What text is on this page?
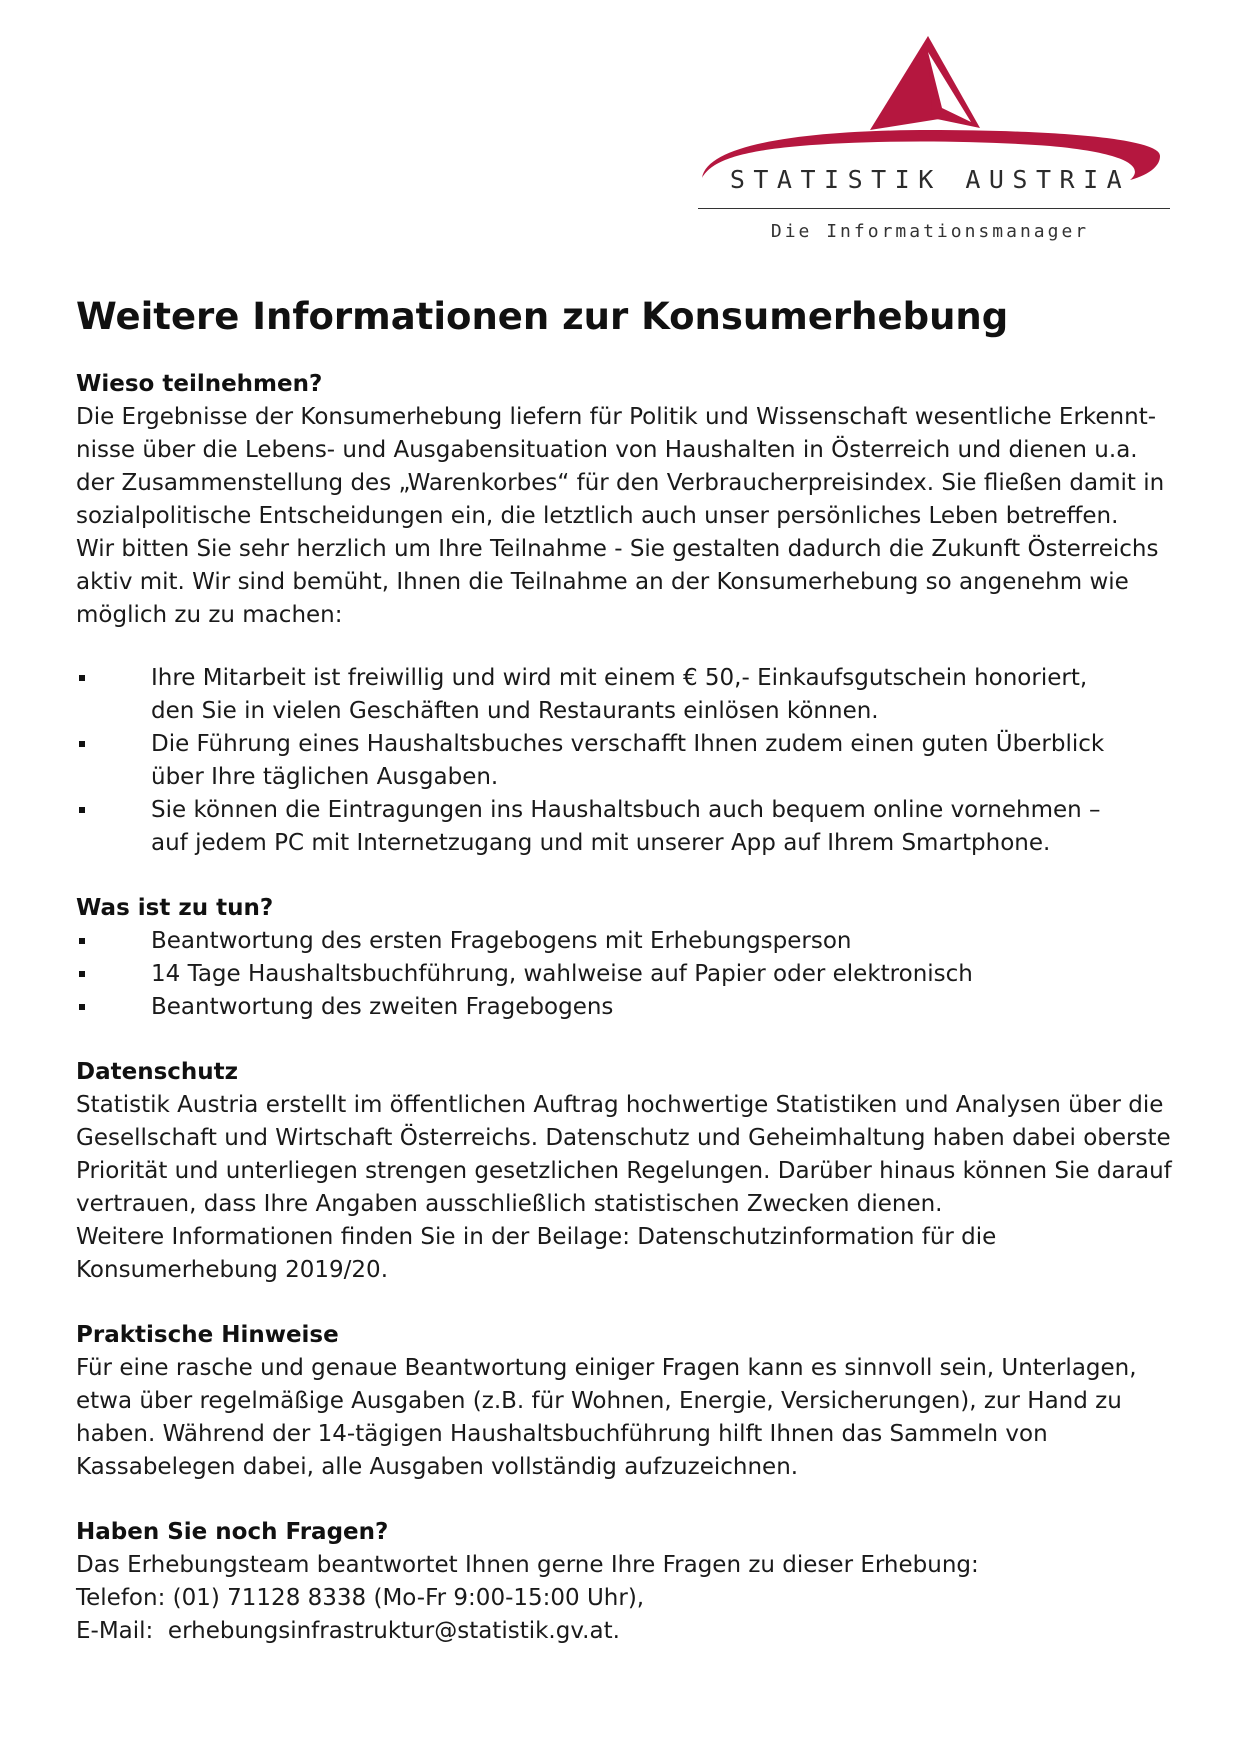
STATISTIK AUSTRIA
Die Informationsmanager
Weitere Informationen zur Konsumerhebung
Wieso teilnehmen?

Die Ergebnisse der Konsumerhebung liefern für Politik und Wissenschaft wesentliche Erkennt-
nisse über die Lebens- und Ausgabensituation von Haushalten in Österreich und dienen u.a.
der Zusammenstellung des „Warenkorbes“ für den Verbraucherpreisindex. Sie fließen damit in
sozialpolitische Entscheidungen ein, die letztlich auch unser persönliches Leben betreffen.
Wir bitten Sie sehr herzlich um Ihre Teilnahme - Sie gestalten dadurch die Zukunft Österreichs
aktiv mit. Wir sind bemüht, Ihnen die Teilnahme an der Konsumerhebung so angenehm wie
möglich zu zu machen:

Ihre Mitarbeit ist freiwillig und wird mit einem € 50,- Einkaufsgutschein honoriert,
den Sie in vielen Geschäften und Restaurants einlösen können.
Die Führung eines Haushaltsbuches verschafft Ihnen zudem einen guten Überblick
über Ihre täglichen Ausgaben.
Sie können die Eintragungen ins Haushaltsbuch auch bequem online vornehmen –
auf jedem PC mit Internetzugang und mit unserer App auf Ihrem Smartphone.
Was ist zu tun?
Beantwortung des ersten Fragebogens mit Erhebungsperson
14 Tage Haushaltsbuchführung, wahlweise auf Papier oder elektronisch
Beantwortung des zweiten Fragebogens
Datenschutz

Statistik Austria erstellt im öffentlichen Auftrag hochwertige Statistiken und Analysen über die
Gesellschaft und Wirtschaft Österreichs. Datenschutz und Geheimhaltung haben dabei oberste
Priorität und unterliegen strengen gesetzlichen Regelungen. Darüber hinaus können Sie darauf
vertrauen, dass Ihre Angaben ausschließlich statistischen Zwecken dienen.
Weitere Informationen finden Sie in der Beilage: Datenschutzinformation für die
Konsumerhebung 2019/20.

Praktische Hinweise

Für eine rasche und genaue Beantwortung einiger Fragen kann es sinnvoll sein, Unterlagen,
etwa über regelmäßige Ausgaben (z.B. für Wohnen, Energie, Versicherungen), zur Hand zu
haben. Während der 14-tägigen Haushaltsbuchführung hilft Ihnen das Sammeln von
Kassabelegen dabei, alle Ausgaben vollständig aufzuzeichnen.

Haben Sie noch Fragen?

Das Erhebungsteam beantwortet Ihnen gerne Ihre Fragen zu dieser Erhebung:
Telefon: (01) 71128 8338 (Mo-Fr 9:00-15:00 Uhr),
E-Mail:  erhebungsinfrastruktur@statistik.gv.at.
